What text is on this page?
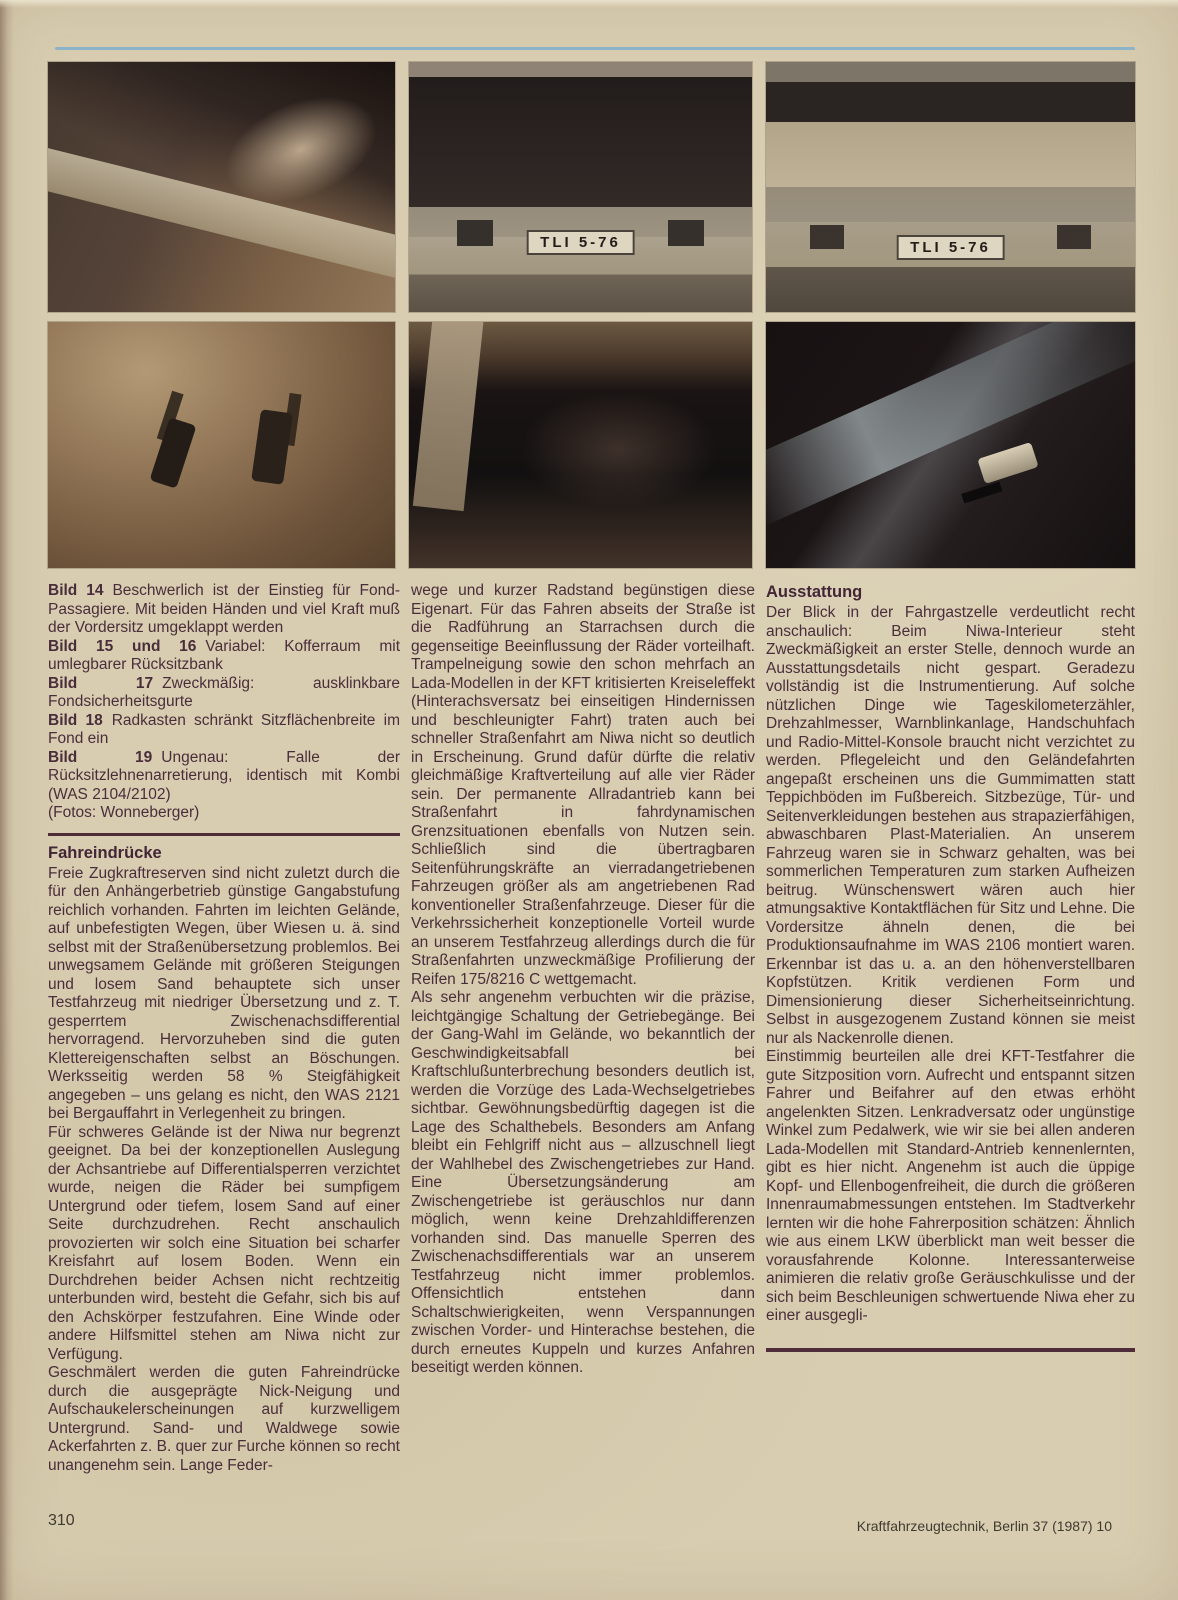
TLI 5-76	TLI 5-76

Bild 14 Beschwerlich ist der Einstieg für Fond-Passagiere. Mit beiden Händen und viel Kraft muß der Vordersitz umgeklappt werden

Bild 15 und 16 Variabel: Kofferraum mit umlegbarer Rücksitzbank

Bild 17 Zweckmäßig: ausklinkbare Fondsicherheitsgurte

Bild 18 Radkasten schränkt Sitzflächenbreite im Fond ein

Bild 19 Ungenau: Falle der Rücksitzlehnenarretierung, identisch mit Kombi (WAS 2104/2102)

(Fotos: Wonneberger)

Fahreindrücke

Freie Zugkraftreserven sind nicht zuletzt durch die für den Anhängerbetrieb günstige Gangabstufung reichlich vorhanden. Fahrten im leichten Gelände, auf unbefestigten Wegen, über Wiesen u. ä. sind selbst mit der Straßenübersetzung problemlos. Bei unwegsamem Gelände mit größeren Steigungen und losem Sand behauptete sich unser Testfahrzeug mit niedriger Übersetzung und z. T. gesperrtem Zwischenachsdifferential hervorragend. Hervorzuheben sind die guten Klettereigenschaften selbst an Böschungen. Werksseitig werden 58 % Steigfähigkeit angegeben – uns gelang es nicht, den WAS 2121 bei Bergauffahrt in Verlegenheit zu bringen.

Für schweres Gelände ist der Niwa nur begrenzt geeignet. Da bei der konzeptionellen Auslegung der Achsantriebe auf Differentialsperren verzichtet wurde, neigen die Räder bei sumpfigem Untergrund oder tiefem, losem Sand auf einer Seite durchzudrehen. Recht anschaulich provozierten wir solch eine Situation bei scharfer Kreisfahrt auf losem Boden. Wenn ein Durchdrehen beider Achsen nicht rechtzeitig unterbunden wird, besteht die Gefahr, sich bis auf den Achskörper festzufahren. Eine Winde oder andere Hilfsmittel stehen am Niwa nicht zur Verfügung.

Geschmälert werden die guten Fahreindrücke durch die ausgeprägte Nick-Neigung und Aufschaukelerscheinungen auf kurzwelligem Untergrund. Sand- und Waldwege sowie Ackerfahrten z. B. quer zur Furche können so recht unangenehm sein. Lange Feder-

wege und kurzer Radstand begünstigen diese Eigenart. Für das Fahren abseits der Straße ist die Radführung an Starrachsen durch die gegenseitige Beeinflussung der Räder vorteilhaft. Trampelneigung sowie den schon mehrfach an Lada-Modellen in der KFT kritisierten Kreiseleffekt (Hinterachsversatz bei einseitigen Hindernissen und beschleunigter Fahrt) traten auch bei schneller Straßenfahrt am Niwa nicht so deutlich in Erscheinung. Grund dafür dürfte die relativ gleichmäßige Kraftverteilung auf alle vier Räder sein. Der permanente Allradantrieb kann bei Straßenfahrt in fahrdynamischen Grenzsituationen ebenfalls von Nutzen sein. Schließlich sind die übertragbaren Seitenführungskräfte an vierradangetriebenen Fahrzeugen größer als am angetriebenen Rad konventioneller Straßenfahrzeuge. Dieser für die Verkehrssicherheit konzeptionelle Vorteil wurde an unserem Testfahrzeug allerdings durch die für Straßenfahrten unzweckmäßige Profilierung der Reifen 175/8216 C wettgemacht.

Als sehr angenehm verbuchten wir die präzise, leichtgängige Schaltung der Getriebegänge. Bei der Gang-Wahl im Gelände, wo bekanntlich der Geschwindigkeitsabfall bei Kraftschlußunterbrechung besonders deutlich ist, werden die Vorzüge des Lada-Wechselgetriebes sichtbar. Gewöhnungsbedürftig dagegen ist die Lage des Schalthebels. Besonders am Anfang bleibt ein Fehlgriff nicht aus – allzuschnell liegt der Wahlhebel des Zwischengetriebes zur Hand. Eine Übersetzungsänderung am Zwischengetriebe ist geräuschlos nur dann möglich, wenn keine Drehzahldifferenzen vorhanden sind. Das manuelle Sperren des Zwischenachsdifferentials war an unserem Testfahrzeug nicht immer problemlos. Offensichtlich entstehen dann Schaltschwierigkeiten, wenn Verspannungen zwischen Vorder- und Hinterachse bestehen, die durch erneutes Kuppeln und kurzes Anfahren beseitigt werden können.

Ausstattung

Der Blick in der Fahrgastzelle verdeutlicht recht anschaulich: Beim Niwa-Interieur steht Zweckmäßigkeit an erster Stelle, dennoch wurde an Ausstattungsdetails nicht gespart. Geradezu vollständig ist die Instrumentierung. Auf solche nützlichen Dinge wie Tageskilometerzähler, Drehzahlmesser, Warnblinkanlage, Handschuhfach und Radio-Mittel-Konsole braucht nicht verzichtet zu werden. Pflegeleicht und den Geländefahrten angepaßt erscheinen uns die Gummimatten statt Teppichböden im Fußbereich. Sitzbezüge, Tür- und Seitenverkleidungen bestehen aus strapazierfähigen, abwaschbaren Plast-Materialien. An unserem Fahrzeug waren sie in Schwarz gehalten, was bei sommerlichen Temperaturen zum starken Aufheizen beitrug. Wünschenswert wären auch hier atmungsaktive Kontaktflächen für Sitz und Lehne. Die Vordersitze ähneln denen, die bei Produktionsaufnahme im WAS 2106 montiert waren. Erkennbar ist das u. a. an den höhenverstellbaren Kopfstützen. Kritik verdienen Form und Dimensionierung dieser Sicherheitseinrichtung. Selbst in ausgezogenem Zustand können sie meist nur als Nackenrolle dienen.

Einstimmig beurteilen alle drei KFT-Testfahrer die gute Sitzposition vorn. Aufrecht und entspannt sitzen Fahrer und Beifahrer auf den etwas erhöht angelenkten Sitzen. Lenkradversatz oder ungünstige Winkel zum Pedalwerk, wie wir sie bei allen anderen Lada-Modellen mit Standard-Antrieb kennenlernten, gibt es hier nicht. Angenehm ist auch die üppige Kopf- und Ellenbogenfreiheit, die durch die größeren Innenraumabmessungen entstehen. Im Stadtverkehr lernten wir die hohe Fahrerposition schätzen: Ähnlich wie aus einem LKW überblickt man weit besser die vorausfahrende Kolonne. Interessanterweise animieren die relativ große Geräuschkulisse und der sich beim Beschleunigen schwertuende Niwa eher zu einer ausgegli-

310	Kraftfahrzeugtechnik, Berlin 37 (1987) 10
